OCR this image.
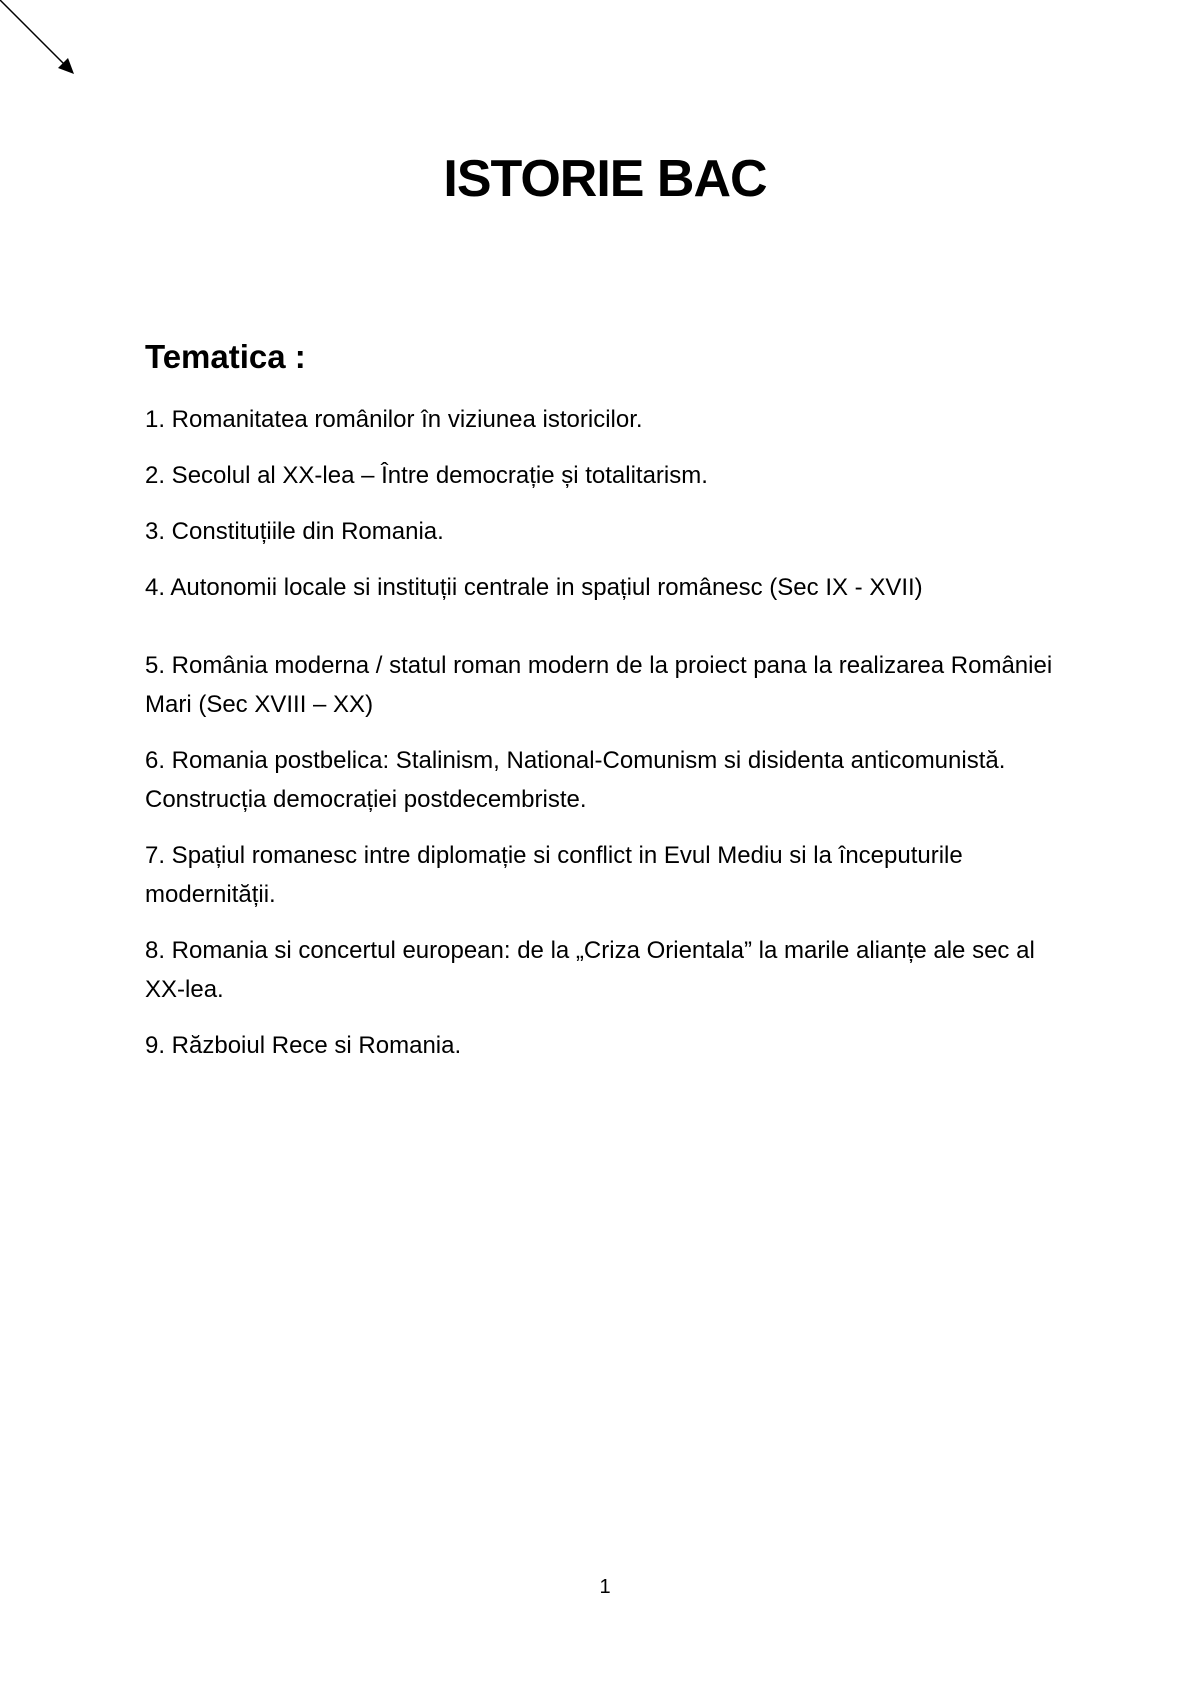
ISTORIE BAC
Tematica :
1. Romanitatea românilor în viziunea istoricilor.
2. Secolul al XX-lea – Între democrație și totalitarism.
3. Constituțiile din Romania.
4. Autonomii locale si instituții centrale in spațiul românesc (Sec IX - XVII)
5. România moderna / statul roman modern de la proiect pana la realizarea României Mari (Sec XVIII – XX)
6. Romania postbelica: Stalinism, National-Comunism si disidenta anticomunistă. Construcția democrației postdecembriste.
7. Spațiul romanesc intre diplomație si conflict in Evul Mediu si la începuturile modernității.
8. Romania si concertul european: de la „Criza Orientala” la marile alianțe ale sec al XX-lea.
9. Războiul Rece si Romania.
1
